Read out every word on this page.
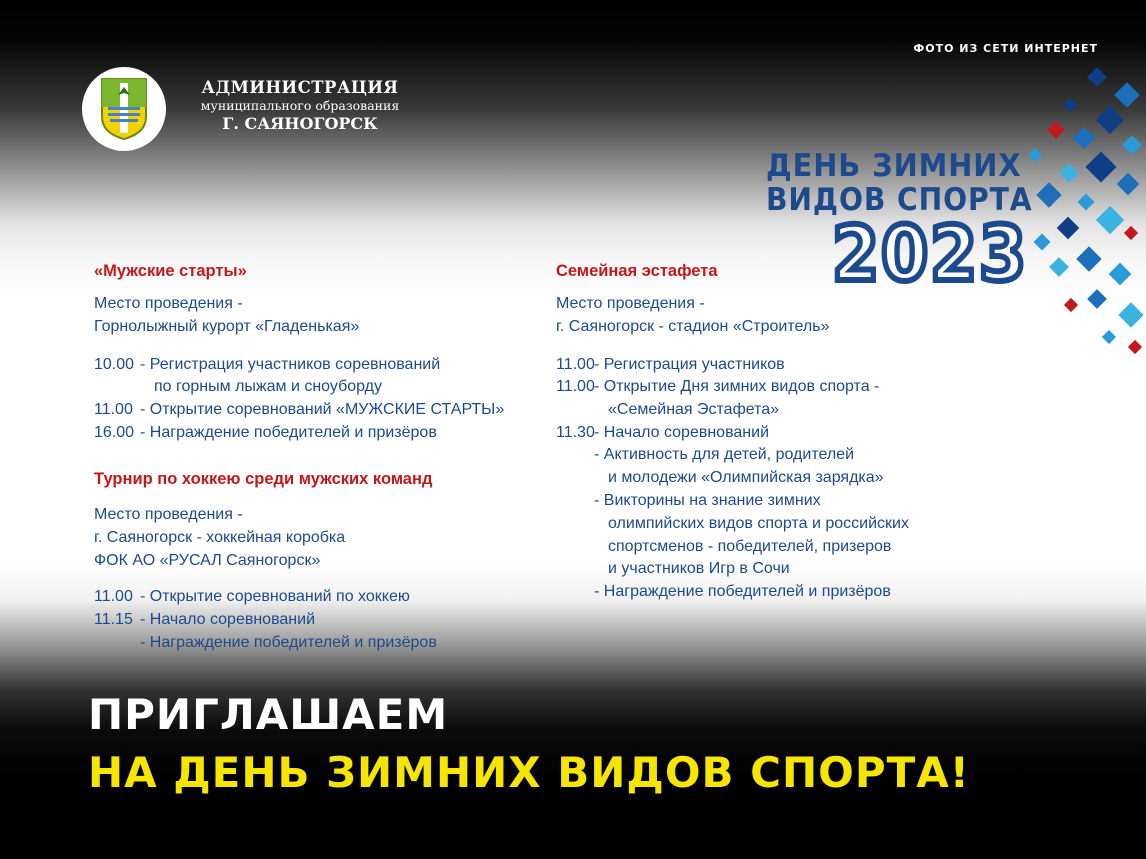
ФОТО ИЗ СЕТИ ИНТЕРНЕТ
АДМИНИСТРАЦИЯ
муниципального образования
Г. САЯНОГОРСК
ДЕНЬ ЗИМНИХ
ВИДОВ СПОРТА
2023
«Мужские старты»
Место проведения -
Горнолыжный курорт «Гладенькая»
10.00 - Регистрация участников соревнований
по горным лыжам и сноуборду
11.00 - Открытие соревнований «МУЖСКИЕ СТАРТЫ»
16.00 - Награждение победителей и призёров
Турнир по хоккею среди мужских команд
Место проведения -
г. Саяногорск - хоккейная коробка
ФОК АО «РУСАЛ Саяногорск»
11.00 - Открытие соревнований по хоккею
11.15 - Начало соревнований
- Награждение победителей и призёров
Семейная эстафета
Место проведения -
г. Саяногорск - стадион «Строитель»
11.00 - Регистрация участников
11.00 - Открытие Дня зимних видов спорта -
«Семейная Эстафета»
11.30 - Начало соревнований
- Активность для детей, родителей
и молодежи «Олимпийская зарядка»
- Викторины на знание зимних
олимпийских видов спорта и российских
спортсменов - победителей, призеров
и участников Игр в Сочи
- Награждение победителей и призёров
ПРИГЛАШАЕМ
НА ДЕНЬ ЗИМНИХ ВИДОВ СПОРТА!
